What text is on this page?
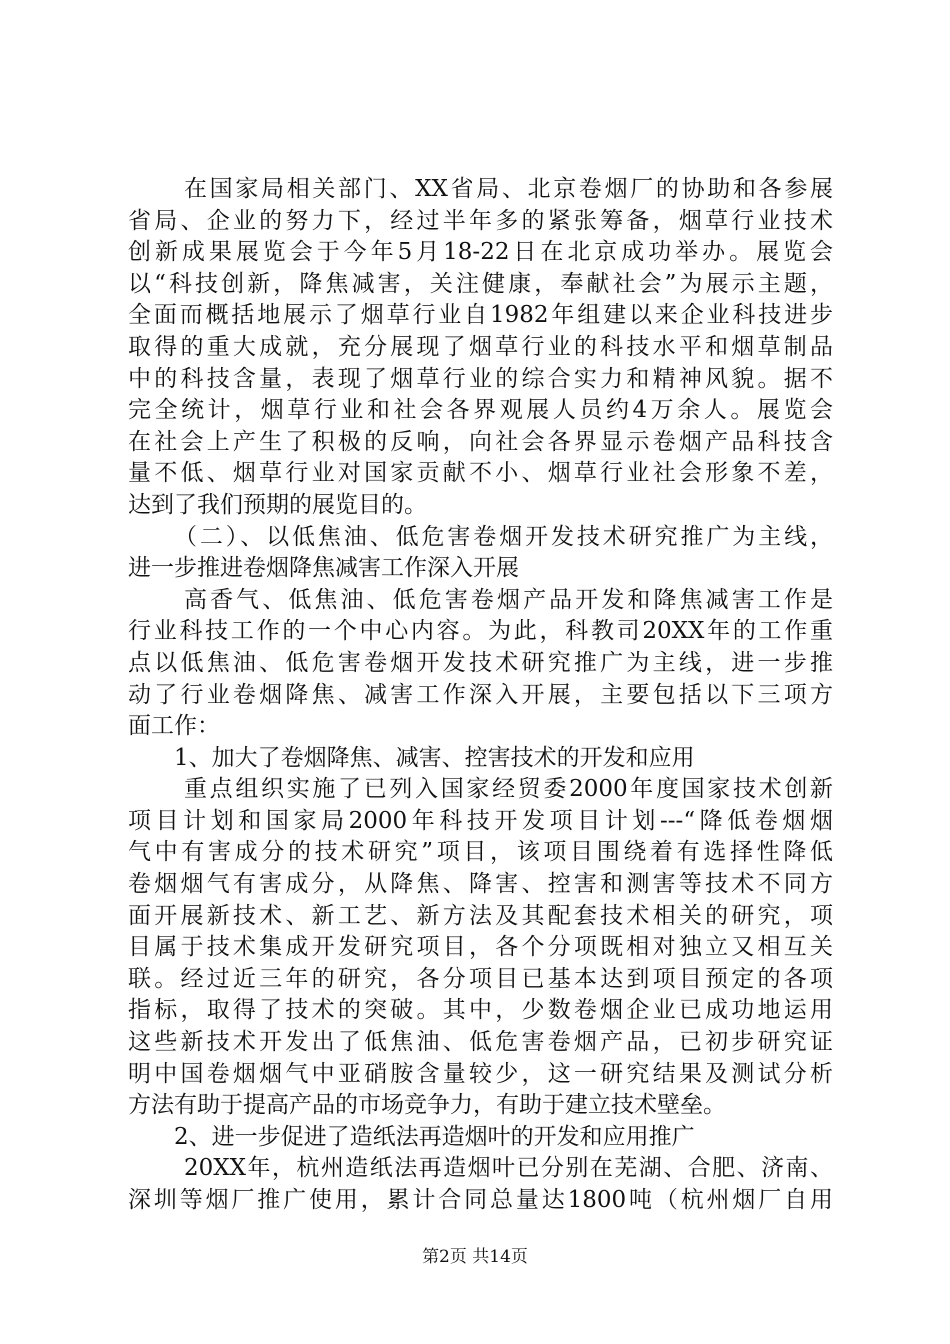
在国家局相关部门、XX省局、北京卷烟厂的协助和各参展
省局、企业的努力下，经过半年多的紧张筹备，烟草行业技术
创新成果展览会于今年5月18-22日在北京成功举办。展览会
以“科技创新，降焦减害，关注健康，奉献社会”为展示主题，
全面而概括地展示了烟草行业自1982年组建以来企业科技进步
取得的重大成就，充分展现了烟草行业的科技水平和烟草制品
中的科技含量，表现了烟草行业的综合实力和精神风貌。据不
完全统计，烟草行业和社会各界观展人员约4万余人。展览会
在社会上产生了积极的反响，向社会各界显示卷烟产品科技含
量不低、烟草行业对国家贡献不小、烟草行业社会形象不差，
达到了我们预期的展览目的。
（二）、以低焦油、低危害卷烟开发技术研究推广为主线，
进一步推进卷烟降焦减害工作深入开展
高香气、低焦油、低危害卷烟产品开发和降焦减害工作是
行业科技工作的一个中心内容。为此，科教司20XX年的工作重
点以低焦油、低危害卷烟开发技术研究推广为主线，进一步推
动了行业卷烟降焦、减害工作深入开展，主要包括以下三项方
面工作：
1、加大了卷烟降焦、减害、控害技术的开发和应用
重点组织实施了已列入国家经贸委2000年度国家技术创新
项目计划和国家局2000年科技开发项目计划---“降低卷烟烟
气中有害成分的技术研究”项目，该项目围绕着有选择性降低
卷烟烟气有害成分，从降焦、降害、控害和测害等技术不同方
面开展新技术、新工艺、新方法及其配套技术相关的研究，项
目属于技术集成开发研究项目，各个分项既相对独立又相互关
联。经过近三年的研究，各分项目已基本达到项目预定的各项
指标，取得了技术的突破。其中，少数卷烟企业已成功地运用
这些新技术开发出了低焦油、低危害卷烟产品，已初步研究证
明中国卷烟烟气中亚硝胺含量较少，这一研究结果及测试分析
方法有助于提高产品的市场竞争力，有助于建立技术壁垒。
2、进一步促进了造纸法再造烟叶的开发和应用推广
20XX年，杭州造纸法再造烟叶已分别在芜湖、合肥、济南、
深圳等烟厂推广使用，累计合同总量达1800吨（杭州烟厂自用
第2页 共14页
